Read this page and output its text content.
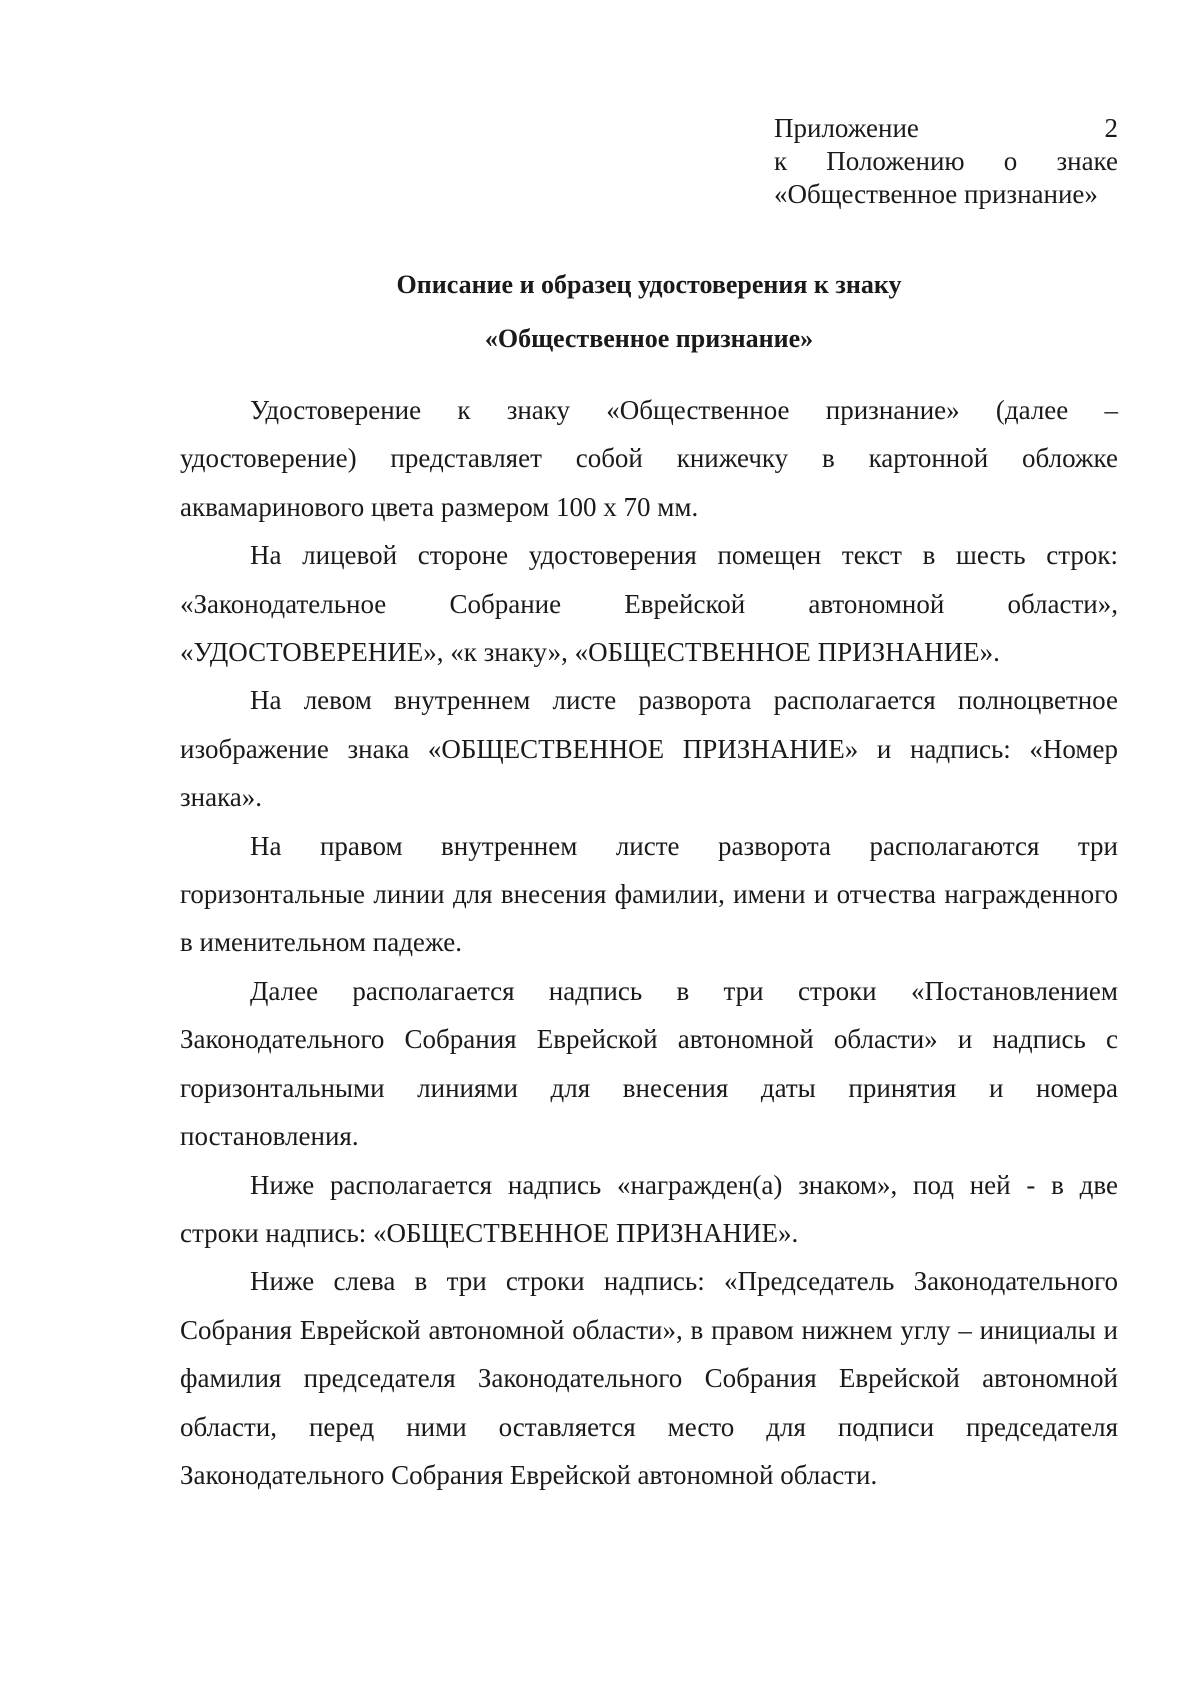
Приложение 2
к Положению о знаке
«Общественное признание»
Описание и образец удостоверения к знаку
«Общественное признание»

Удостоверение к знаку «Общественное признание» (далее – удостоверение) представляет собой книжечку в картонной обложке аквамаринового цвета размером 100 х 70 мм.

На лицевой стороне удостоверения помещен текст в шесть строк: «Законодательное Собрание Еврейской автономной области», «УДОСТОВЕРЕНИЕ», «к знаку», «ОБЩЕСТВЕННОЕ ПРИЗНАНИЕ».

На левом внутреннем листе разворота располагается полноцветное изображение знака «ОБЩЕСТВЕННОЕ ПРИЗНАНИЕ» и надпись: «Номер знака».

На правом внутреннем листе разворота располагаются три горизонтальные линии для внесения фамилии, имени и отчества награжденного в именительном падеже.

Далее располагается надпись в три строки «Постановлением Законодательного Собрания Еврейской автономной области» и надпись с горизонтальными линиями для внесения даты принятия и номера постановления.

Ниже располагается надпись «награжден(а) знаком», под ней - в две строки надпись: «ОБЩЕСТВЕННОЕ ПРИЗНАНИЕ».

Ниже слева в три строки надпись: «Председатель Законодательного Собрания Еврейской автономной области», в правом нижнем углу – инициалы и фамилия председателя Законодательного Собрания Еврейской автономной области, перед ними оставляется место для подписи председателя Законодательного Собрания Еврейской автономной области.
